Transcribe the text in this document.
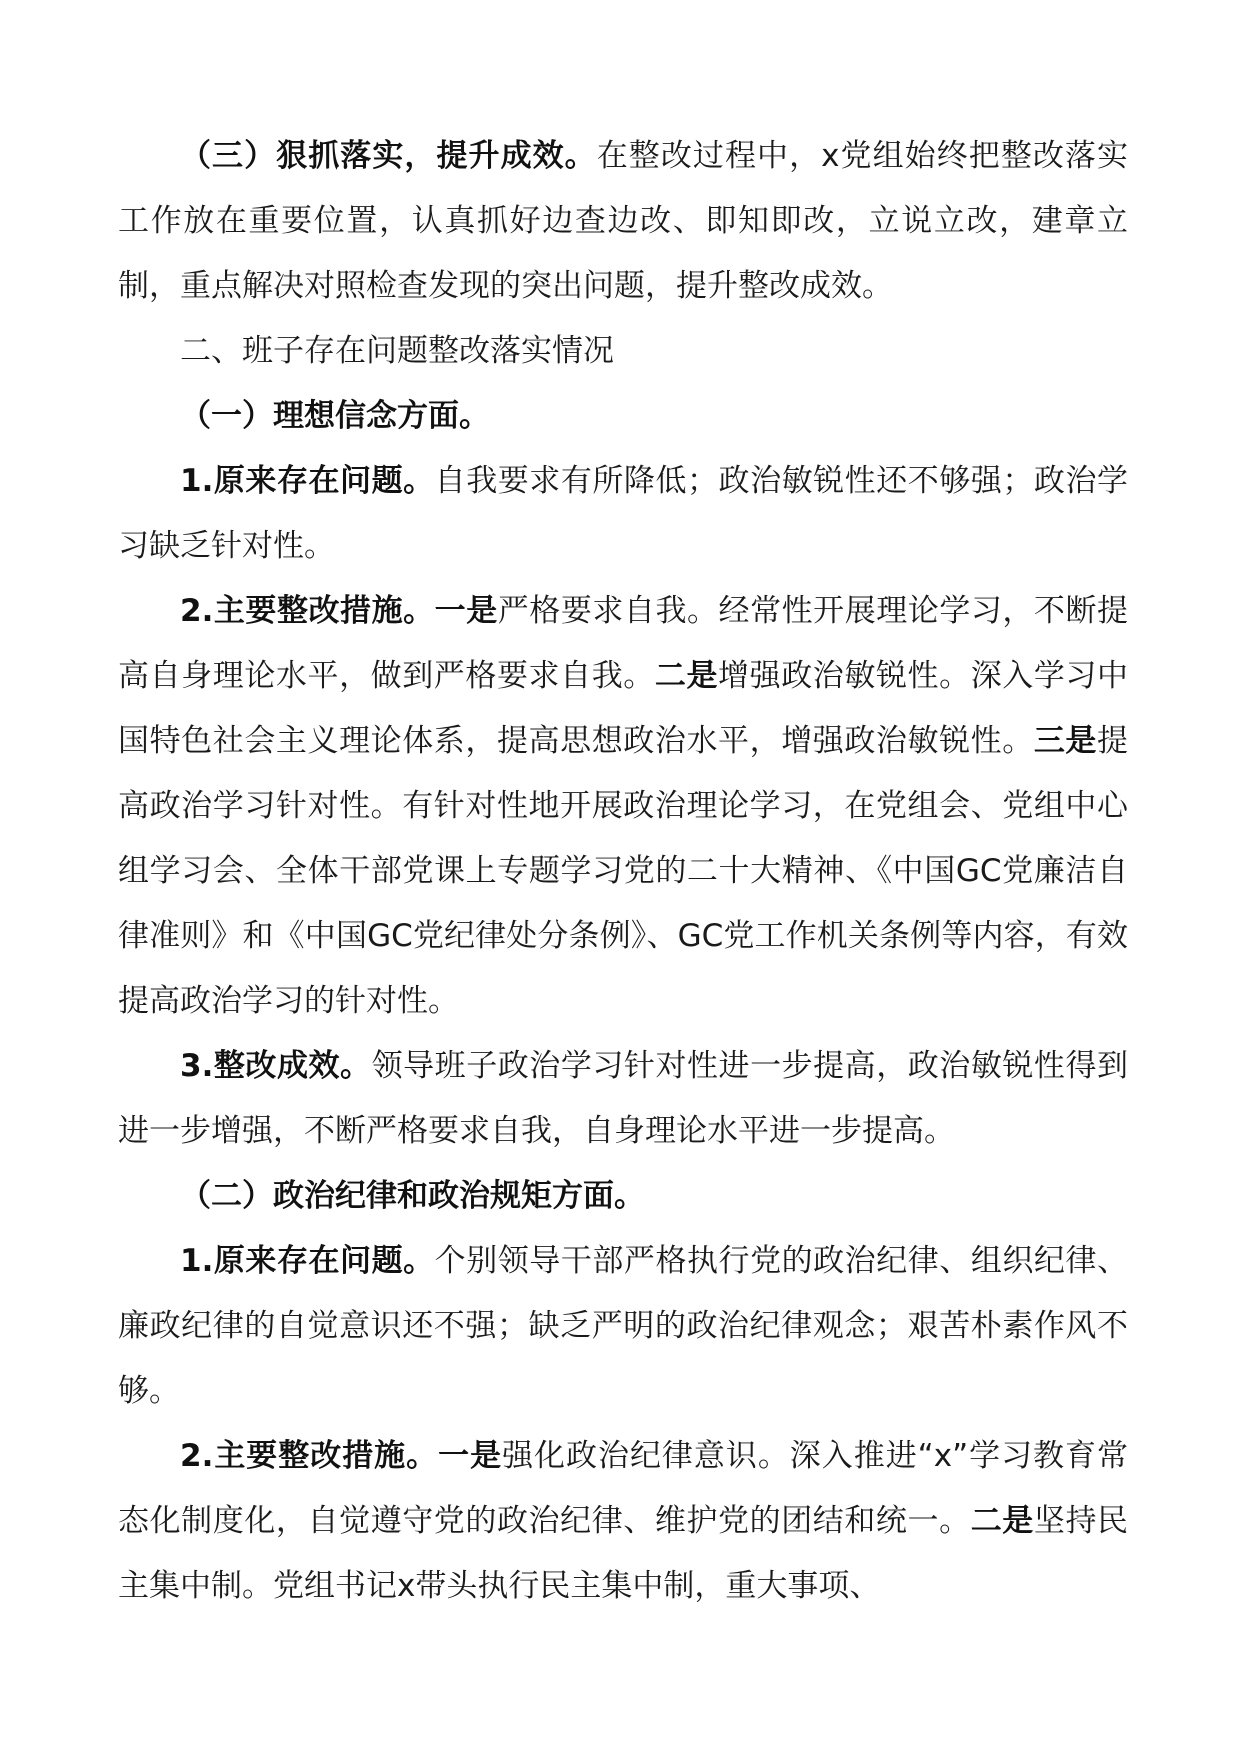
（三）狠抓落实，提升成效。在整改过程中，x党组始终把整改落实工作放在重要位置，认真抓好边查边改、即知即改，立说立改，建章立制，重点解决对照检查发现的突出问题，提升整改成效。

二、班子存在问题整改落实情况

（一）理想信念方面。

1.原来存在问题。自我要求有所降低；政治敏锐性还不够强；政治学习缺乏针对性。

2.主要整改措施。一是严格要求自我。经常性开展理论学习，不断提高自身理论水平，做到严格要求自我。二是增强政治敏锐性。深入学习中国特色社会主义理论体系，提高思想政治水平，增强政治敏锐性。三是提高政治学习针对性。有针对性地开展政治理论学习，在党组会、党组中心组学习会、全体干部党课上专题学习党的二十大精神、《中国GC党廉洁自律准则》和《中国GC党纪律处分条例》、GC党工作机关条例等内容，有效提高政治学习的针对性。

3.整改成效。领导班子政治学习针对性进一步提高，政治敏锐性得到进一步增强，不断严格要求自我，自身理论水平进一步提高。

（二）政治纪律和政治规矩方面。

1.原来存在问题。个别领导干部严格执行党的政治纪律、组织纪律、廉政纪律的自觉意识还不强；缺乏严明的政治纪律观念；艰苦朴素作风不够。

2.主要整改措施。一是强化政治纪律意识。深入推进“x”学习教育常态化制度化，自觉遵守党的政治纪律、维护党的团结和统一。二是坚持民主集中制。党组书记x带头执行民主集中制，重大事项、
